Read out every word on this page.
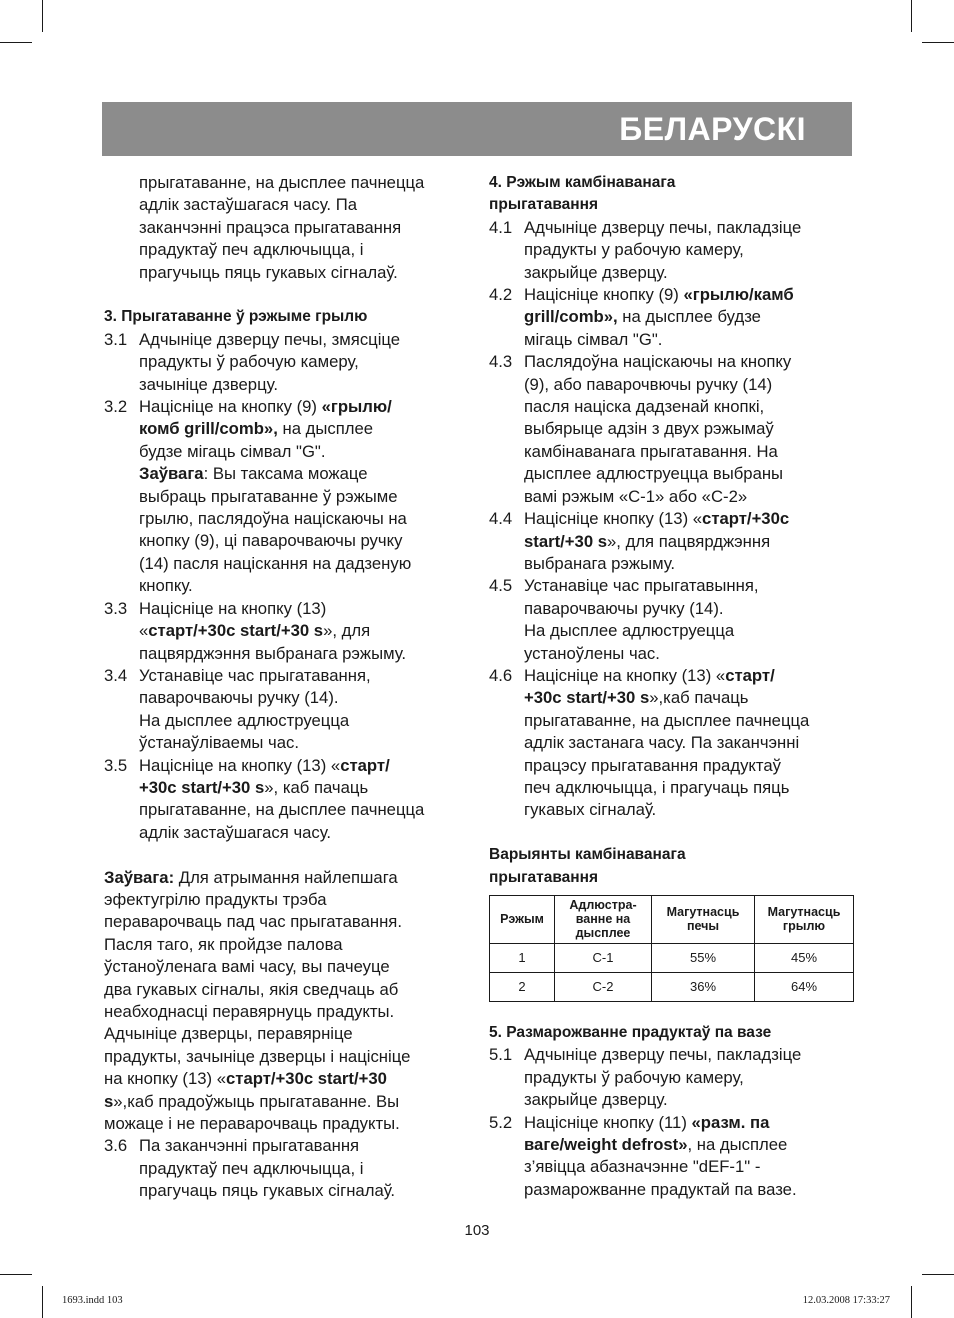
БЕЛАРУСКІ
прыгатаванне, на дысплее пачнецца
адлік застаўшагася часу. Па
заканчэнні працэса прыгатавання
прадуктаў печ адключыцца, і
прагучыць пяць гукавых сігналаў.
3. Прыгатаванне ў рэжыме грылю
3.1 Адчыніце дзверцу печы, змясціце
прадукты ў рабочую камеру,
зачыніце дзверцу.
3.2 Націсніце на кнопку (9) «грылю/
комб grill/comb», на дысплее
будзе мігаць сімвал "G".
Заўвага: Вы таксама можаце
выбраць прыгатаванне ў рэжыме
грылю, паслядоўна націскаючы на
кнопку (9), ці паварочваючы ручку
(14) пасля націскання на дадзеную
кнопку.
3.3 Націсніце на кнопку (13)
«старт/+30c start/+30 s», для
пацвярджэння выбранага рэжыму.
3.4 Устанавіце час прыгатавання,
паварочваючы ручку (14).
На дысплее адлюструецца
ўстанаўліваемы час.
3.5 Націсніце на кнопку (13) «старт/
+30c start/+30 s», каб пачаць
прыгатаванне, на дысплее пачнецца
адлік застаўшагася часу.
Заўвага: Для атрымання найлепшага
эфектугрілю прадукты трэба
пераварочваць пад час прыгатавання.
Пасля таго, як пройдзе палова
ўстаноўленага вамі часу, вы пачеуце
два гукавых сігналы, якія сведчаць аб
неабходнасці перавярнуць прадукты.
Адчыніце дзверцы, перавярніце
прадукты, зачыніце дзверцы і націсніце
на кнопку (13) «старт/+30c start/+30
s»,каб прадоўжыць прыгатаванне. Вы
можаце і не пераварочваць прадукты.
3.6 Па заканчэнні прыгатавання
прадуктаў печ адключыцца, і
прагучаць пяць гукавых сігналаў.
4. Рэжым камбінаванага
прыгатавання
4.1 Адчыніце дзверцу печы, пакладзіце
прадукты у рабочую камеру,
закрыйце дзверцу.
4.2 Націсніце кнопку (9) «грылю/камб
grill/comb», на дысплее будзе
мігаць сімвал "G".
4.3 Паслядоўна націскаючы на кнопку
(9), або паварочвючы ручку (14)
пасля націска дадзенай кнопкі,
выбярыце адзін з двух рэжымаў
камбінаванага прыгатавання. На
дысплее адлюструецца выбраны
вамі рэжым «С-1» або «С-2»
4.4 Націсніце кнопку (13) «старт/+30c
start/+30 s», для пацвярджэння
выбранага рэжыму.
4.5 Устанавіце час прыгатавыння,
паварочваючы ручку (14).
На дысплее адлюструецца
устаноўлены час.
4.6 Націсніце на кнопку (13) «старт/
+30c start/+30 s»,каб пачаць
прыгатаванне, на дысплее пачнецца
адлік застанага часу. Па заканчэнні
працэсу прыгатавання прадуктаў
печ адключыцца, і прагучаць пяць
гукавых сігналаў.
Варыянты камбінаванага
прыгатавання
Рэжым	Адлюстра-ванне на дысплее	Магутнасць печы	Магутнасць грылю
1	С-1	55%	45%
2	С-2	36%	64%
5. Размарожванне прадуктаў па вазе
5.1 Адчыніце дзверцу печы, пакладзіце
прадукты ў рабочую камеру,
закрыйце дзверцу.
5.2 Націсніце кнопку (11) «разм. па
ваге/weight defrost», на дысплее
з’явіцца абазначэнне "dEF-1" -
размарожванне прадуктай па вазе.
103
1693.indd 103	12.03.2008 17:33:27
